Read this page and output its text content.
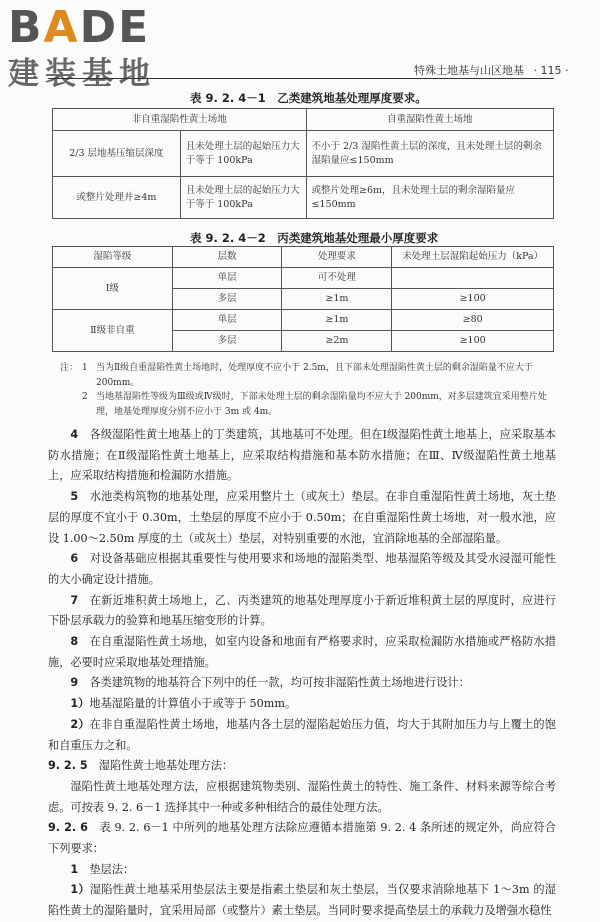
BADE
建装基地	特殊土地基与山区地基 · 115 ·
表 9. 2. 4－1　乙类建筑地基处理厚度要求。
非自重湿陷性黄土场地		自重湿陷性黄土场地
2/3 层地基压缩层深度	且未处理土层的起始压力大于等于 100kPa	不小于 2/3 湿陷性黄土层的深度，且未处理土层的剩余湿陷量应≤150mm
或整片处理并≥4m	且未处理土层的起始压力大于等于 100kPa	或整片处理≥6m，且未处理土层的剩余湿陷量应≤150mm
表 9. 2. 4－2　丙类建筑地基处理最小厚度要求
湿陷等级	层数	处理要求	未处理土层湿陷起始压力（kPa）
Ⅰ级	单层	可不处理	
	多层	≥1m	≥100
Ⅱ级非自重	单层	≥1m	≥80
	多层	≥2m	≥100
注： 1 当为Ⅱ级自重湿陷性黄土场地时，处理厚度不应小于 2.5m，且下部未处理湿陷性黄土层的剩余湿陷量不应大于 200mm。
2 当地基湿陷性等级为Ⅲ级或Ⅳ级时，下部未处理土层的剩余湿陷量均不应大于 200mm，对多层建筑宜采用整片处理，地基处理厚度分别不应小于 3m 或 4m。

4　 各级湿陷性黄土地基上的丁类建筑，其地基可不处理。但在Ⅰ级湿陷性黄土地基上，应采取基本防水措施；在Ⅱ级湿陷性黄土地基上，应采取结构措施和基本防水措施；在Ⅲ、Ⅳ级湿陷性黄土地基上，应采取结构措施和检漏防水措施。

5　 水池类构筑物的地基处理，应采用整片土（或灰土）垫层。在非自重湿陷性黄土场地，灰土垫层的厚度不宜小于 0.30m，土垫层的厚度不应小于 0.50m；在自重湿陷性黄土场地，对一般水池，应设 1.00～2.50m 厚度的土（或灰土）垫层，对特别重要的水池，宜消除地基的全部湿陷量。

6　 对设备基础应根据其重要性与使用要求和场地的湿陷类型、地基湿陷等级及其受水浸湿可能性的大小确定设计措施。

7　 在新近堆积黄土场地上，乙、丙类建筑的地基处理厚度小于新近堆积黄土层的厚度时，应进行下卧层承载力的验算和地基压缩变形的计算。

8　 在自重湿陷性黄土场地，如室内设备和地面有严格要求时，应采取检漏防水措施或严格防水措施，必要时应采取地基处理措施。

9　 各类建筑物的地基符合下列中的任一款，均可按非湿陷性黄土场地进行设计：

1）地基湿陷量的计算值小于或等于 50mm。

2）在非自重湿陷性黄土场地，地基内各土层的湿陷起始压力值，均大于其附加压力与上覆土的饱和自重压力之和。

9. 2. 5　 湿陷性黄土地基处理方法：

湿陷性黄土地基处理方法，应根据建筑物类别、湿陷性黄土的特性、施工条件、材料来源等综合考虑。可按表 9. 2. 6－1 选择其中一种或多种相结合的最佳处理方法。

9. 2. 6　 表 9. 2. 6－1 中所列的地基处理方法除应遵循本措施第 9. 2. 4 条所述的规定外，尚应符合下列要求：

1　 垫层法：

1）湿陷性黄土地基采用垫层法主要是指素土垫层和灰土垫层，当仅要求消除地基下 1～3m 的湿陷性黄土的湿陷量时，宜采用局部（或整片）素土垫层。当同时要求提高垫层土的承载力及增强水稳性
